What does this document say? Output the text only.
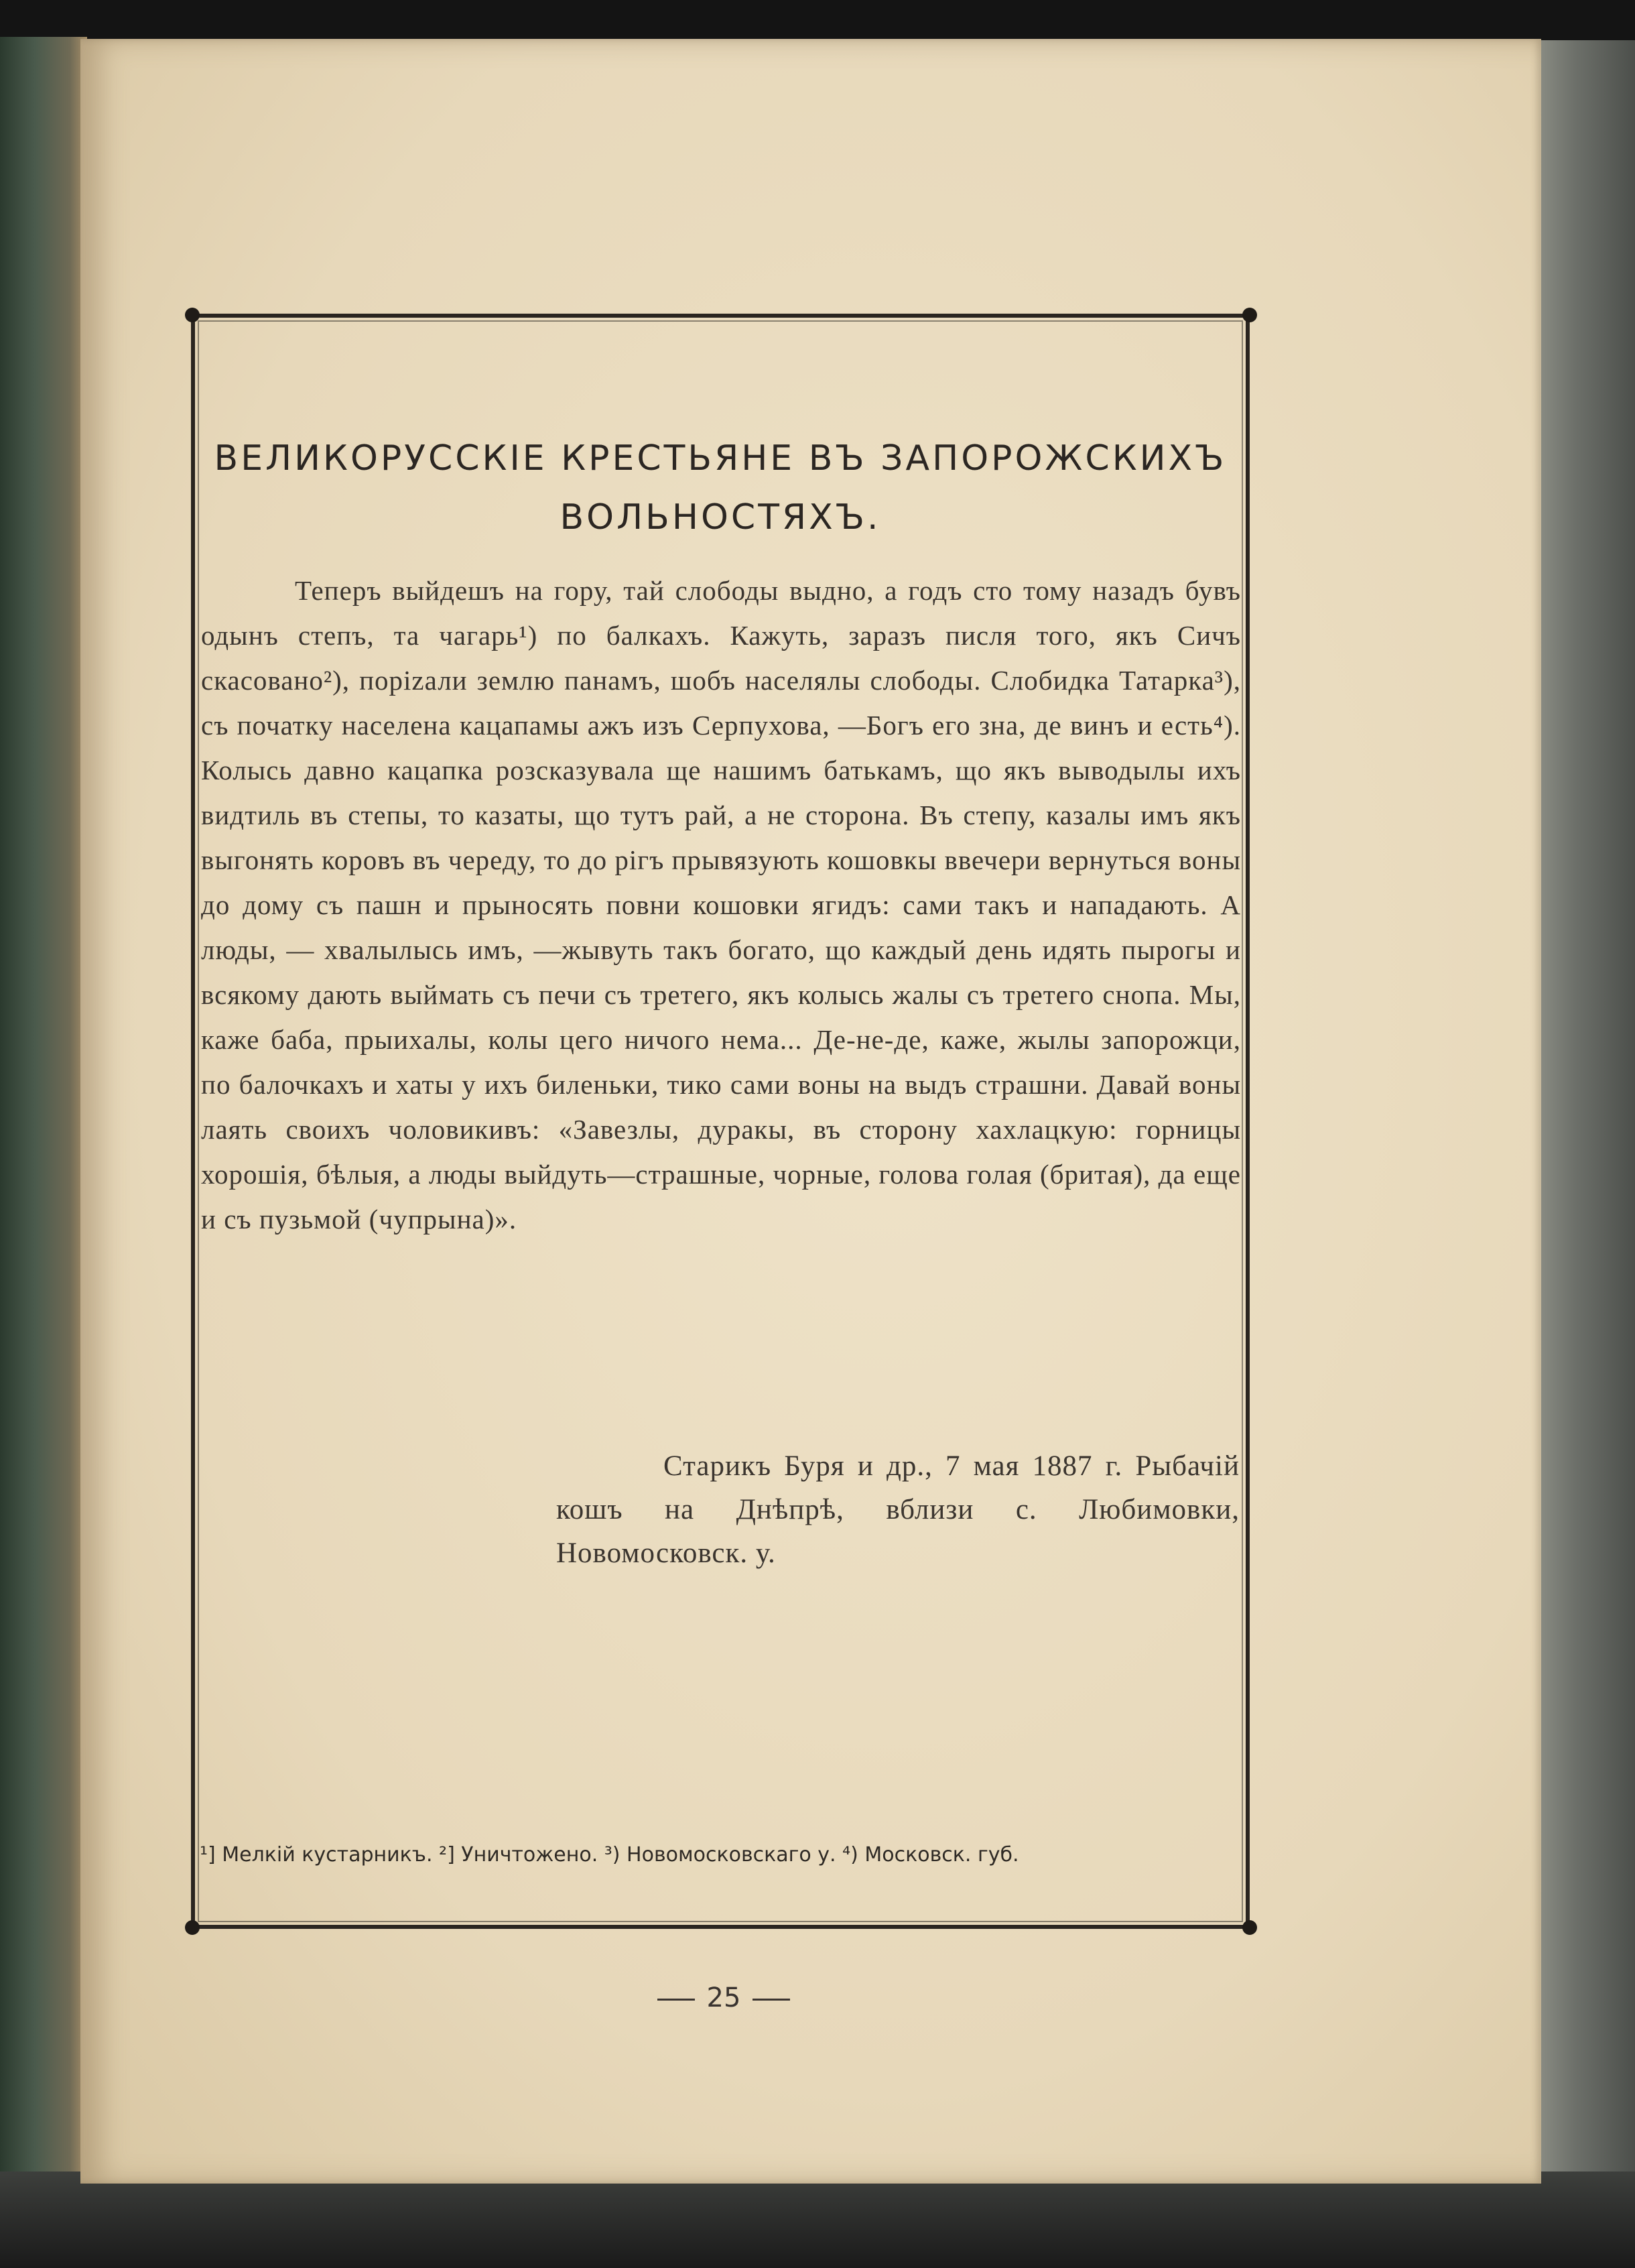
ВЕЛИКОРУССКIЕ КРЕСТЬЯНЕ ВЪ ЗАПОРОЖСКИХЪ
ВОЛЬНОСТЯХЪ.
Теперъ выйдешъ на гору, тай слободы выдно, а годъ сто тому назадъ бувъ одынъ степъ, та чагарь¹) по балкахъ. Кажуть, заразъ писля того, якъ Сичъ скасовано²), порizали землю панамъ, шобъ населялы слободы. Слобидка Татарка³), съ початку населена кацапамы ажъ изъ Серпухова, —Богъ его зна, де винъ и есть⁴). Колысь давно кацапка розсказувала ще нашимъ батькамъ, що якъ выводылы ихъ видтиль въ степы, то казаты, що тутъ рай, а не сторона. Въ степу, казалы имъ якъ выгонять коровъ въ череду, то до рiгъ прывязують кошовкы ввечери вернуться воны до дому съ пашн и прыносять повни кошовки ягидъ: сами такъ и нападають. А люды, — хвалылысь имъ, —жывуть такъ богато, що каждый день идять пырогы и всякому дають выймать съ печи съ третего, якъ колысь жалы съ третего снопа. Мы, каже баба, прыихалы, колы цего ничого нема... Де-не-де, каже, жылы запорожци, по балочкахъ и хаты у ихъ биленьки, тико сами воны на выдъ страшни. Давай воны лаять своихъ чоловикивъ: «Завезлы, дуракы, въ сторону хахлацкую: горницы хорошiя, бѣлыя, а люды выйдуть—страшные, чорные, голова голая (бритая), да еще и съ пузьмой (чупрына)».
Старикъ Буря и др., 7 мая 1887 г. Рыбачiй кошъ на Днѣпрѣ, вблизи с. Любимовки, Новомосковск. у.
¹] Мелкiй кустарникъ. ²] Уничтожено. ³) Новомосковскаго у. ⁴) Московск. губ.
25
